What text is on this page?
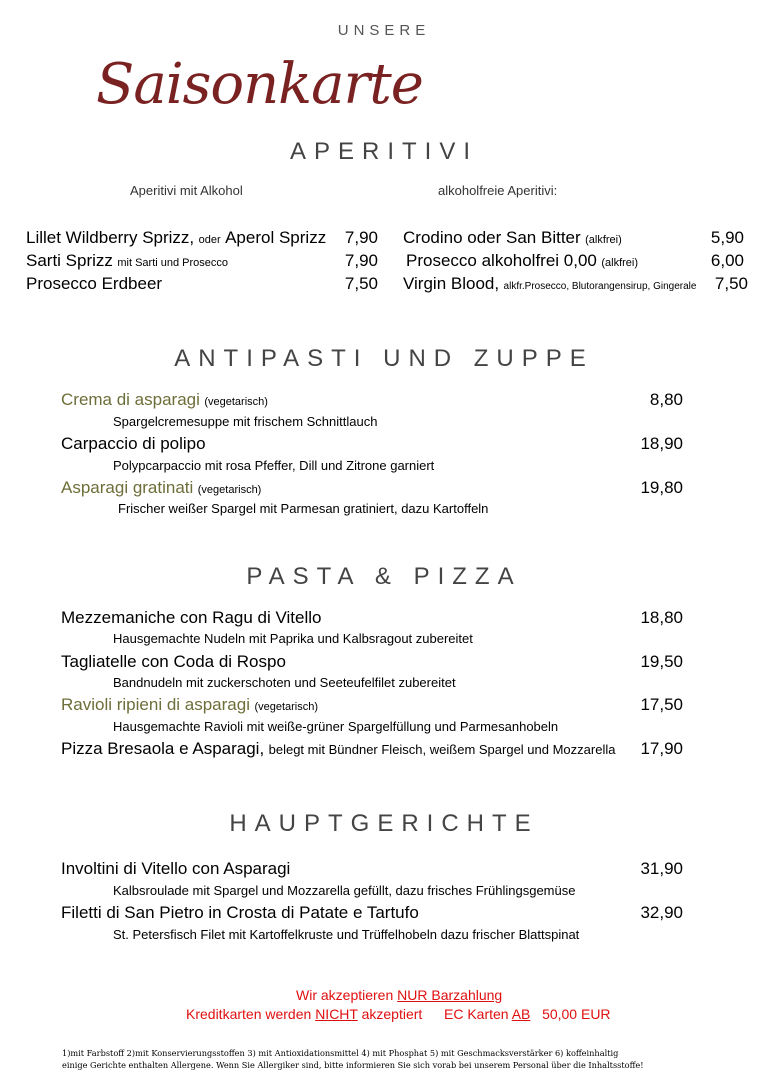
UNSERE
Saisonkarte
APERITIVI
Aperitivi mit Alkohol	alkoholfreie Aperitivi:
Lillet Wildberry Sprizz, oder Aperol Sprizz	7,90
Sarti Sprizz mit Sarti und Prosecco	7,90
Prosecco Erdbeer	7,50
Crodino oder San Bitter (alkfrei)	5,90
Prosecco alkoholfrei 0,00 (alkfrei)	6,00
Virgin Blood, alkfr.Prosecco, Blutorangensirup, Gingerale	7,50
ANTIPASTI UND ZUPPE
Crema di asparagi (vegetarisch)	8,80
Spargelcremesuppe mit frischem Schnittlauch
Carpaccio di polipo	18,90
Polypcarpaccio mit rosa Pfeffer, Dill und Zitrone garniert
Asparagi gratinati (vegetarisch)	19,80
Frischer weißer Spargel mit Parmesan gratiniert, dazu Kartoffeln
PASTA & PIZZA
Mezzemaniche con Ragu di Vitello	18,80
Hausgemachte Nudeln mit Paprika und Kalbsragout zubereitet
Tagliatelle con Coda di Rospo	19,50
Bandnudeln mit zuckerschoten und Seeteufelfilet zubereitet
Ravioli ripieni di asparagi (vegetarisch)	17,50
Hausgemachte Ravioli mit weiße-grüner Spargelfüllung und Parmesanhobeln
Pizza Bresaola e Asparagi, belegt mit Bündner Fleisch, weißem Spargel und Mozzarella	17,90
HAUPTGERICHTE
Involtini di Vitello con Asparagi	31,90
Kalbsroulade mit Spargel und Mozzarella gefüllt, dazu frisches Frühlingsgemüse
Filetti di San Pietro in Crosta di Patate e Tartufo	32,90
St. Petersfisch Filet mit Kartoffelkruste und Trüffelhobeln dazu frischer Blattspinat
Wir akzeptieren NUR Barzahlung
Kreditkarten werden NICHT akzeptiert EC Karten AB 50,00 EUR
1)mit Farbstoff 2)mit Konservierungsstoffen 3) mit Antioxidationsmittel 4) mit Phosphat 5) mit Geschmacksverstärker 6) koffeinhaltig
einige Gerichte enthalten Allergene. Wenn Sie Allergiker sind, bitte informieren Sie sich vorab bei unserem Personal über die Inhaltsstoffe!
